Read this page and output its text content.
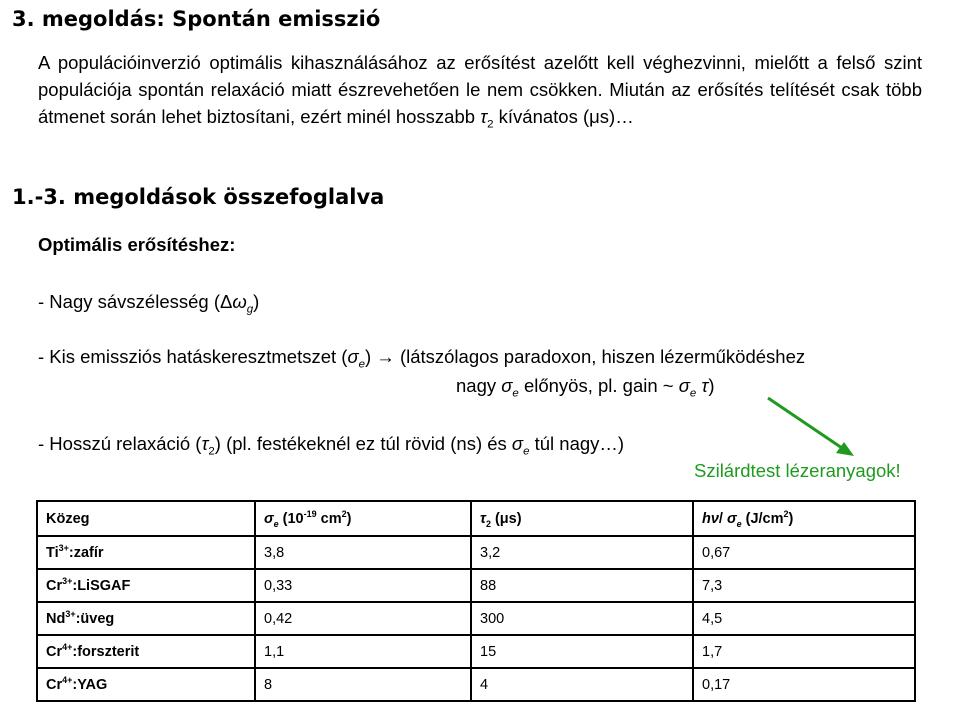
3. megoldás: Spontán emisszió
A populációinverzió optimális kihasználásához az erősítést azelőtt kell véghezvinni, mielőtt a felső szint populációja spontán relaxáció miatt észrevehetően le nem csökken. Miután az erősítés telítését csak több átmenet során lehet biztosítani, ezért minél hosszabb $\tau_2$ kívánatos (μs)…
1.-3. megoldások összefoglalva
Optimális erősítéshez:
- Nagy sávszélesség $(\Delta\omega_g)$
- Kis emissziós hatáskeresztmetszet $(\sigma_e)$ → (látszólagos paradoxon, hiszen lézerműködéshez
nagy $\sigma_e$ előnyös, pl. gain ~ $\sigma_e$ τ)
- Hosszú relaxáció $(\tau_2)$ (pl. festékeknél ez túl rövid (ns) és $\sigma_e$ túl nagy…)
Szilárdtest lézeranyagok!
Közeg	$\sigma_e$ ($10^{-19}$ $cm^2$)	$\tau_2$ (μs)	hν/ $\sigma_e$ $(J/cm^2)$
$Ti^{3+}:zafír$	3,8	3,2	0,67
$Cr^{3+}:LiSGAF$	0,33	88	7,3
$Nd^{3+}:üveg$	0,42	300	4,5
$Cr^{4+}:forszterit$	1,1	15	1,7
$Cr^{4+}:YAG$	8	4	0,17
